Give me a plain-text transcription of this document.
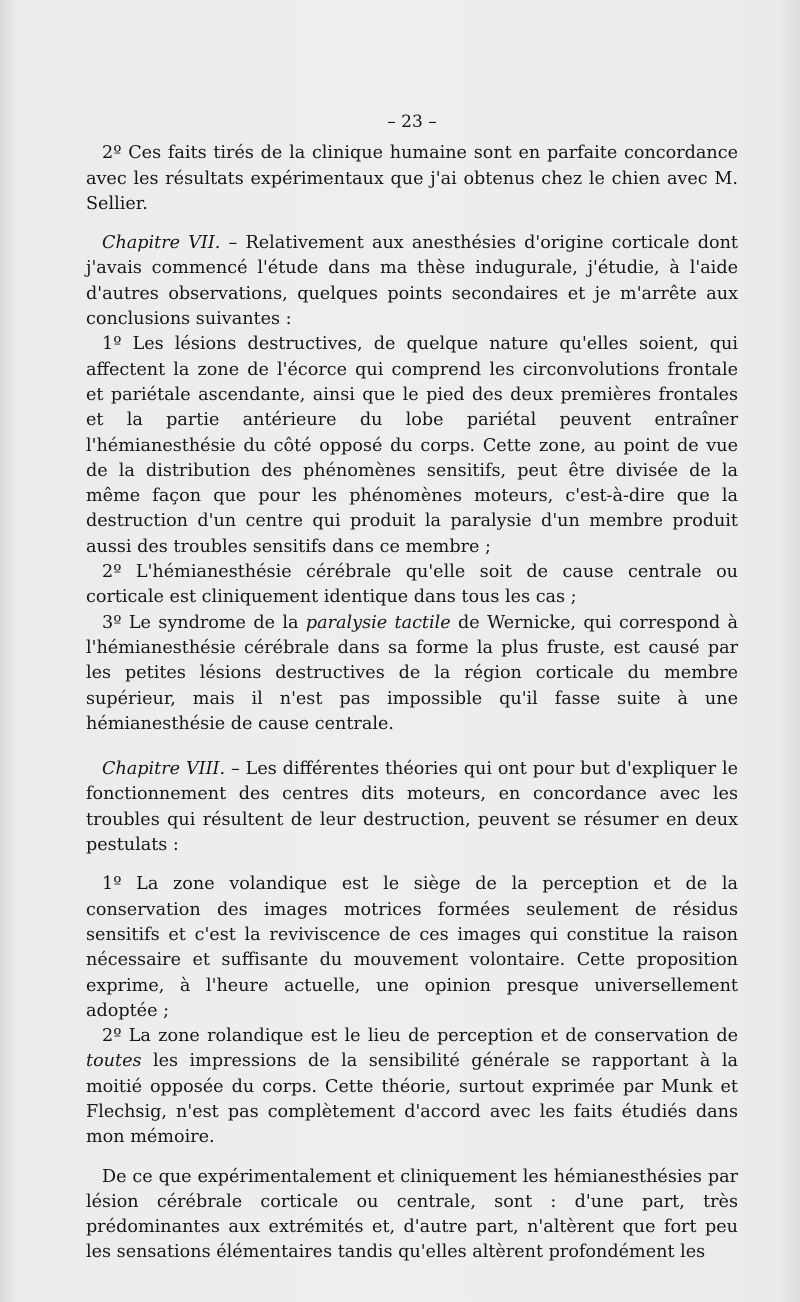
– 23 –

2º Ces faits tirés de la clinique humaine sont en parfaite concordance avec les résultats expérimentaux que j'ai obtenus chez le chien avec M. Sellier.

Chapitre VII. – Relativement aux anesthésies d'origine corticale dont j'avais commencé l'étude dans ma thèse indugurale, j'étudie, à l'aide d'autres observations, quelques points secondaires et je m'arrête aux conclusions suivantes :

1º Les lésions destructives, de quelque nature qu'elles soient, qui affectent la zone de l'écorce qui comprend les circonvolutions frontale et pariétale ascendante, ainsi que le pied des deux premières frontales et la partie antérieure du lobe pariétal peuvent entraîner l'hémianesthésie du côté opposé du corps. Cette zone, au point de vue de la distribution des phénomènes sensitifs, peut être divisée de la même façon que pour les phénomènes moteurs, c'est-à-dire que la destruction d'un centre qui produit la paralysie d'un membre produit aussi des troubles sensitifs dans ce membre ;

2º L'hémianesthésie cérébrale qu'elle soit de cause centrale ou corticale est cliniquement identique dans tous les cas ;

3º Le syndrome de la paralysie tactile de Wernicke, qui correspond à l'hémianesthésie cérébrale dans sa forme la plus fruste, est causé par les petites lésions destructives de la région corticale du membre supérieur, mais il n'est pas impossible qu'il fasse suite à une hémianesthésie de cause centrale.

Chapitre VIII. – Les différentes théories qui ont pour but d'expliquer le fonctionnement des centres dits moteurs, en concordance avec les troubles qui résultent de leur destruction, peuvent se résumer en deux pestulats :

1º La zone volandique est le siège de la perception et de la conservation des images motrices formées seulement de résidus sensitifs et c'est la reviviscence de ces images qui constitue la raison nécessaire et suffisante du mouvement volontaire. Cette proposition exprime, à l'heure actuelle, une opinion presque universellement adoptée ;

2º La zone rolandique est le lieu de perception et de conservation de toutes les impressions de la sensibilité générale se rapportant à la moitié opposée du corps. Cette théorie, surtout exprimée par Munk et Flechsig, n'est pas complètement d'accord avec les faits étudiés dans mon mémoire.

De ce que expérimentalement et cliniquement les hémianesthésies par lésion cérébrale corticale ou centrale, sont : d'une part, très prédominantes aux extrémités et, d'autre part, n'altèrent que fort peu les sensations élémentaires tandis qu'elles altèrent profondément les
